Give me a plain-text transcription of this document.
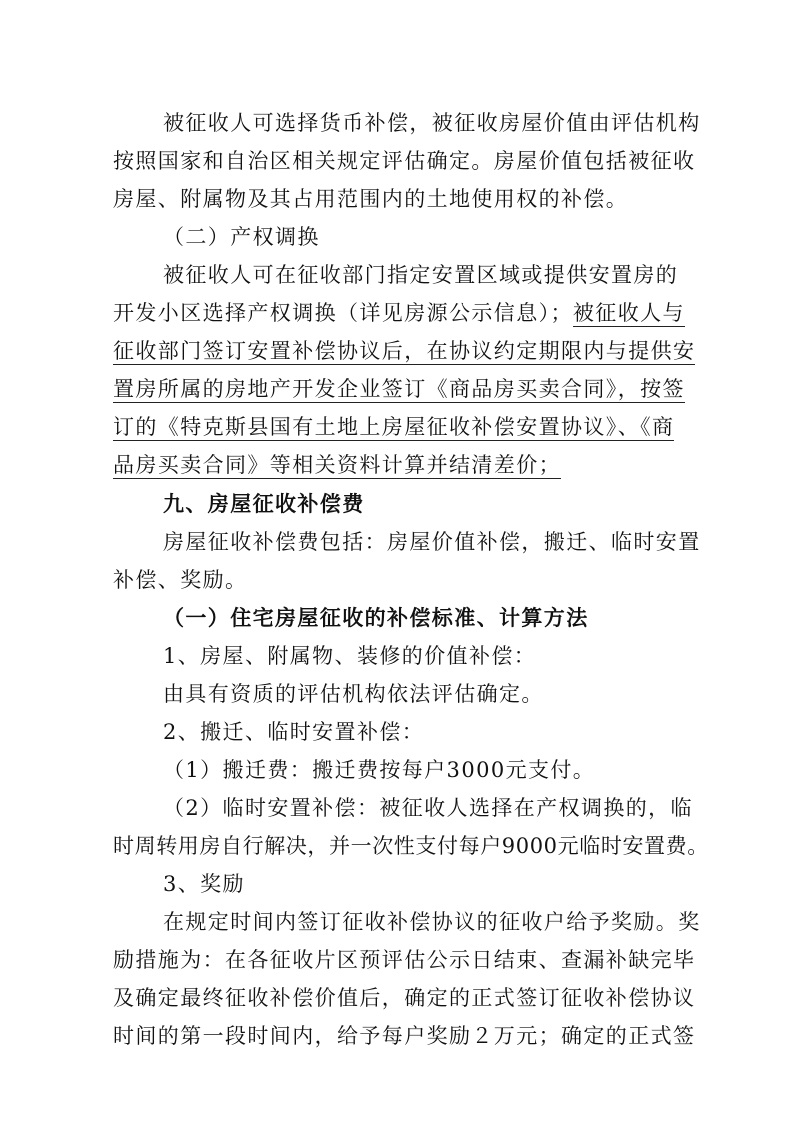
被征收人可选择货币补偿，被征收房屋价值由评估机构
按照国家和自治区相关规定评估确定。房屋价值包括被征收
房屋、附属物及其占用范围内的土地使用权的补偿。
（二）产权调换
被征收人可在征收部门指定安置区域或提供安置房的
开发小区选择产权调换（详见房源公示信息）；被征收人与
征收部门签订安置补偿协议后，在协议约定期限内与提供安
置房所属的房地产开发企业签订《商品房买卖合同》，按签
订的《特克斯县国有土地上房屋征收补偿安置协议》、《商
品房买卖合同》等相关资料计算并结清差价；
九、房屋征收补偿费
房屋征收补偿费包括：房屋价值补偿，搬迁、临时安置
补偿、奖励。
（一）住宅房屋征收的补偿标准、计算方法
1、房屋、附属物、装修的价值补偿：
由具有资质的评估机构依法评估确定。
2、搬迁、临时安置补偿：
（1）搬迁费：搬迁费按每户3000元支付。
（2）临时安置补偿：被征收人选择在产权调换的，临
时周转用房自行解决，并一次性支付每户9000元临时安置费。
3、奖励
在规定时间内签订征收补偿协议的征收户给予奖励。奖
励措施为：在各征收片区预评估公示日结束、查漏补缺完毕
及确定最终征收补偿价值后，确定的正式签订征收补偿协议
时间的第一段时间内，给予每户奖励２万元；确定的正式签
